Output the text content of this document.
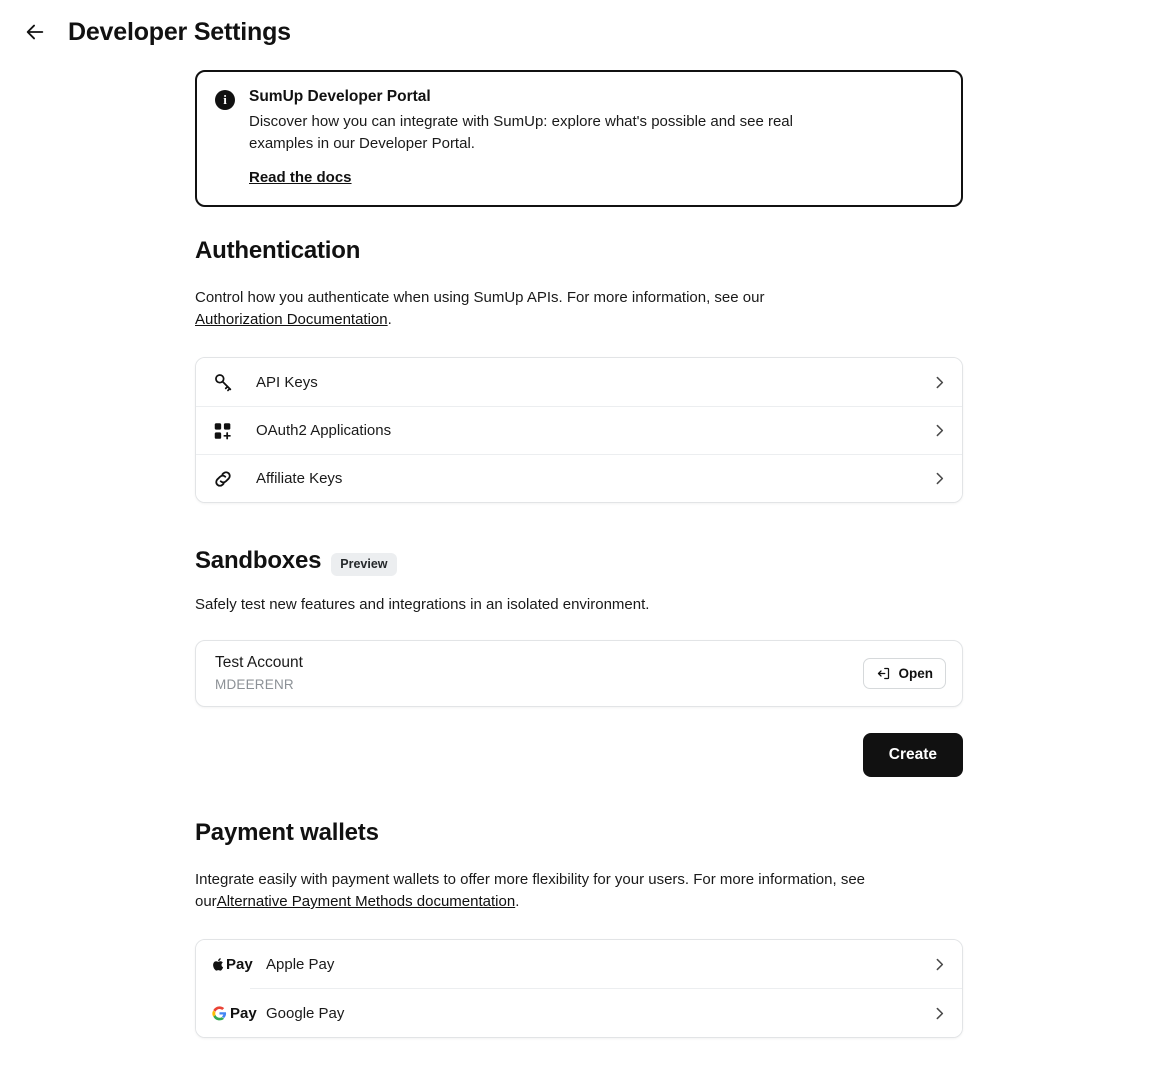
Developer Settings
i	SumUp Developer Portal
Discover how you can integrate with SumUp: explore what's possible and see real examples in our Developer Portal.
Read the docs
Authentication
Control how you authenticate when using SumUp APIs. For more information, see our Authorization Documentation.
API Keys
OAuth2 Applications
Affiliate Keys
Sandboxes	Preview
Safely test new features and integrations in an isolated environment.
Test Account
MDEERENR
Open
Create
Payment wallets
Integrate easily with payment wallets to offer more flexibility for your users. For more information, see ourAlternative Payment Methods documentation.
Pay Apple Pay
Pay Google Pay
